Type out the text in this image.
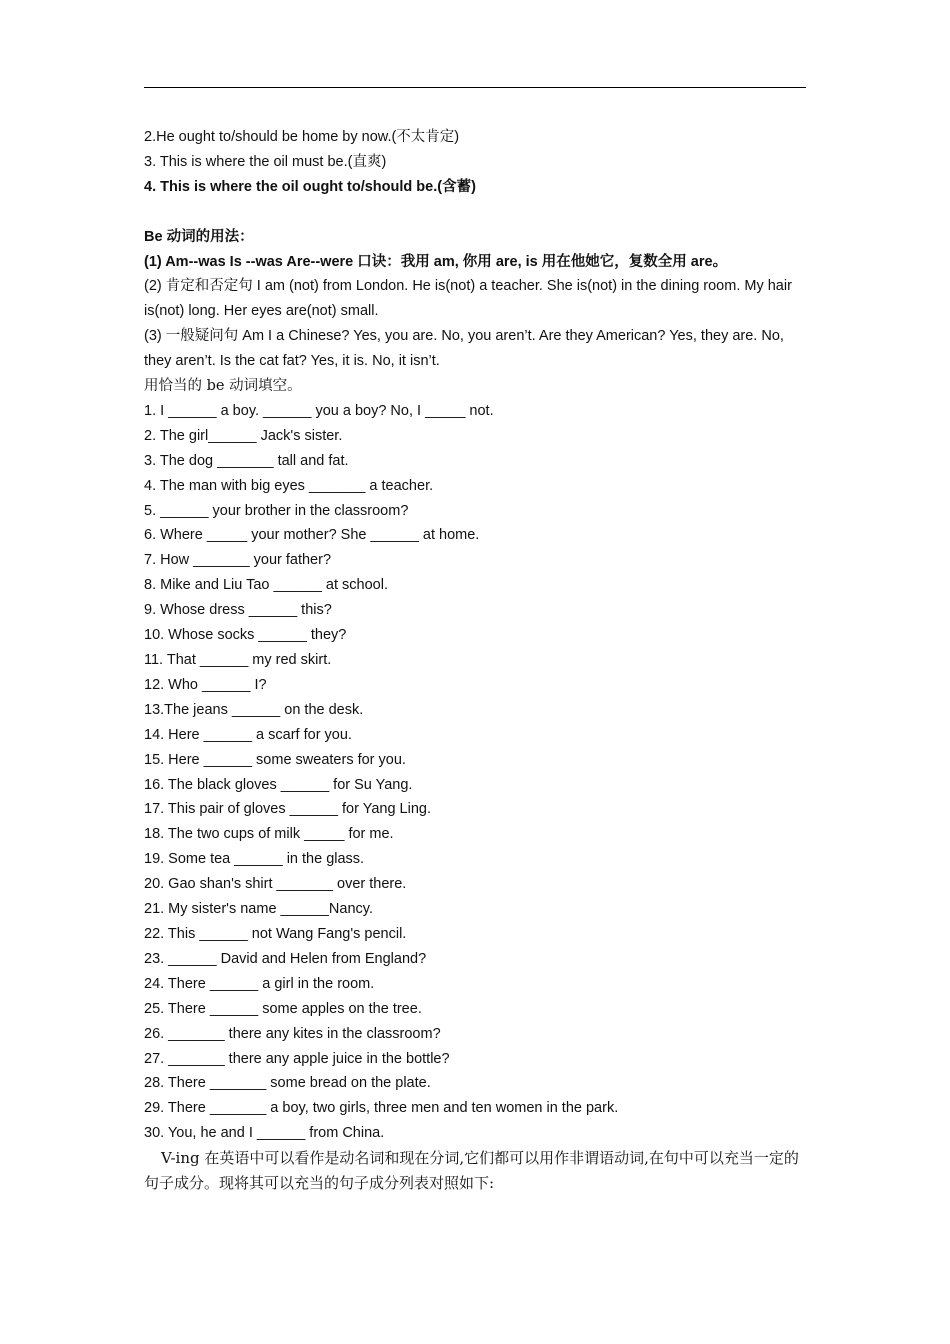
2.He ought to/should be home by now.(不太肯定)
3. This is where the oil must be.(直爽)
4. This is where the oil ought to/should be.(含蓄)
Be 动词的用法：
(1) Am--was Is --was Are--were 口诀：我用 am, 你用 are, is 用在他她它，复数全用 are。
(2) 肯定和否定句 I am (not) from London. He is(not) a teacher. She is(not) in the dining room. My hair is(not) long. Her eyes are(not) small.
(3) 一般疑问句 Am I a Chinese? Yes, you are. No, you aren’t. Are they American? Yes, they are. No, they aren’t. Is the cat fat? Yes, it is. No, it isn’t.
用恰当的 be 动词填空。
1. I ______ a boy. ______ you a boy? No, I _____ not.
2. The girl______ Jack's sister.
3. The dog _______ tall and fat.
4. The man with big eyes _______ a teacher.
5. ______ your brother in the classroom?
6. Where _____ your mother? She ______ at home.
7. How _______ your father?
8. Mike and Liu Tao ______ at school.
9. Whose dress ______ this?
10. Whose socks ______ they?
11. That ______ my red skirt.
12. Who ______ I?
13.The jeans ______ on the desk.
14. Here ______ a scarf for you.
15. Here ______ some sweaters for you.
16. The black gloves ______ for Su Yang.
17. This pair of gloves ______ for Yang Ling.
18. The two cups of milk _____ for me.
19. Some tea ______ in the glass.
20. Gao shan's shirt _______ over there.
21. My sister's name ______Nancy.
22. This ______ not Wang Fang's pencil.
23. ______ David and Helen from England?
24. There ______ a girl in the room.
25. There ______ some apples on the tree.
26. _______ there any kites in the classroom?
27. _______ there any apple juice in the bottle?
28. There _______ some bread on the plate.
29. There _______ a boy, two girls, three men and ten women in the park.
30. You, he and I ______ from China.
V-ing 在英语中可以看作是动名词和现在分词,它们都可以用作非谓语动词,在句中可以充当一定的句子成分。现将其可以充当的句子成分列表对照如下:
